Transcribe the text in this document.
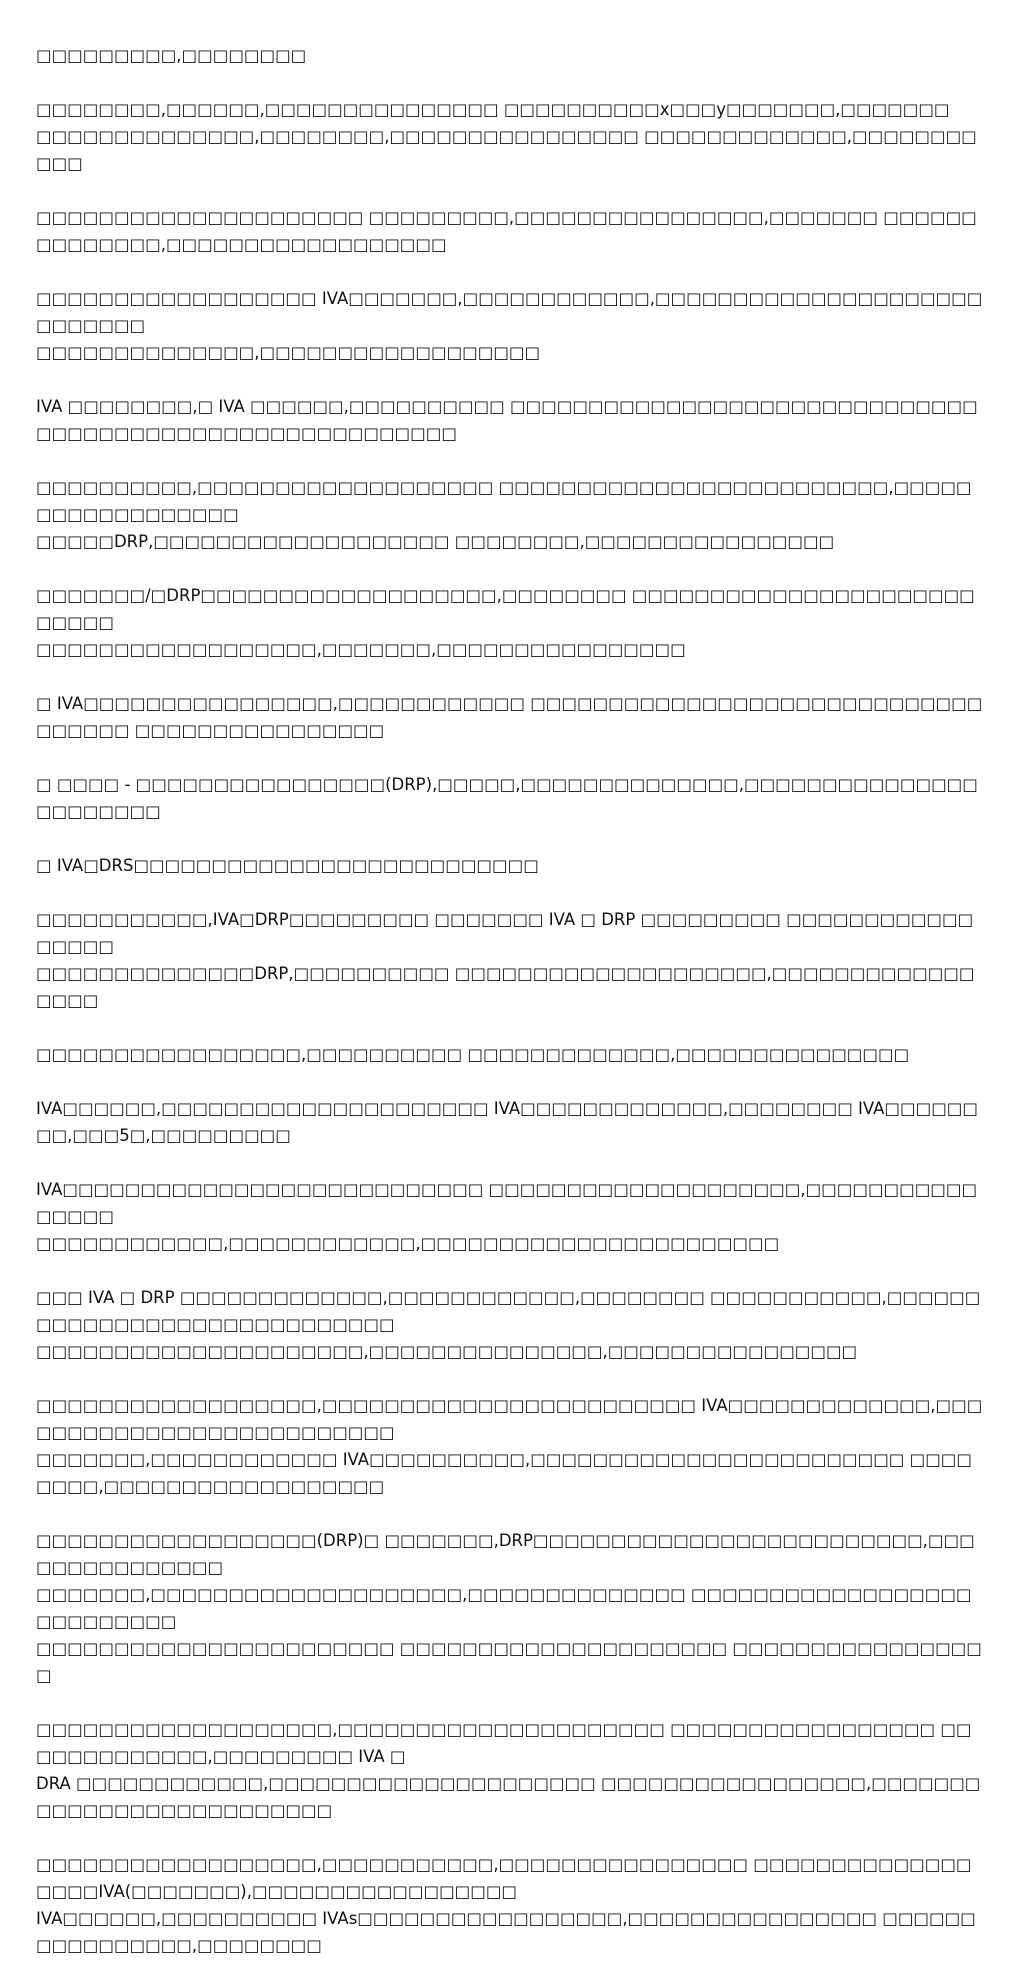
□□□□□□□□□,□□□□□□□□

□□□□□□□□,□□□□□□,□□□□□□□□□□□□□□□ □□□□□□□□□□x□□□y□□□□□□□,□□□□□□□
□□□□□□□□□□□□□□,□□□□□□□□,□□□□□□□□□□□□□□□□ □□□□□□□□□□□□□,□□□□□□□□□□□

□□□□□□□□□□□□□□□□□□□□□ □□□□□□□□□,□□□□□□□□□□□□□□□□,□□□□□□□ □□□□□□□□□□□□□□,□□□□□□□□□□□□□□□□□□

□□□□□□□□□□□□□□□□□□ IVA□□□□□□□,□□□□□□□□□□□□,□□□□□□□□□□□□□□□□□□□□□□□□□□□□
□□□□□□□□□□□□□□,□□□□□□□□□□□□□□□□□□

IVA □□□□□□□□,□ IVA □□□□□□,□□□□□□□□□□ □□□□□□□□□□□□□□□□□□□□□□□□□□□□□□ □□□□□□□□□□□□□□□□□□□□□□□□□□□

□□□□□□□□□□,□□□□□□□□□□□□□□□□□□□ □□□□□□□□□□□□□□□□□□□□□□□□□,□□□□□□□□□□□□□□□□□□
□□□□□DRP,□□□□□□□□□□□□□□□□□□□ □□□□□□□□,□□□□□□□□□□□□□□□□

□□□□□□□/□DRP□□□□□□□□□□□□□□□□□□□,□□□□□□□□ □□□□□□□□□□□□□□□□□□□□□□□□□□□
□□□□□□□□□□□□□□□□□□,□□□□□□□,□□□□□□□□□□□□□□□□

□ IVA□□□□□□□□□□□□□□□□,□□□□□□□□□□□□ □□□□□□□□□□□□□□□□□□□□□□□□□□□□□□□□□□□ □□□□□□□□□□□□□□□□

□ □□□□ - □□□□□□□□□□□□□□□□(DRP),□□□□□,□□□□□□□□□□□□□□,□□□□□□□□□□□□□□□□□□□□□□□

□ IVA□DRS□□□□□□□□□□□□□□□□□□□□□□□□□□

□□□□□□□□□□□,IVA□DRP□□□□□□□□□ □□□□□□□ IVA □ DRP □□□□□□□□□ □□□□□□□□□□□□□□□□□
□□□□□□□□□□□□□□DRP,□□□□□□□□□□ □□□□□□□□□□□□□□□□□□□□,□□□□□□□□□□□□□□□□□

□□□□□□□□□□□□□□□□□,□□□□□□□□□□ □□□□□□□□□□□□□,□□□□□□□□□□□□□□□

IVA□□□□□□,□□□□□□□□□□□□□□□□□□□□□ IVA□□□□□□□□□□□□□,□□□□□□□□ IVA□□□□□□□□,□□□5□,□□□□□□□□□

IVA□□□□□□□□□□□□□□□□□□□□□□□□□□□ □□□□□□□□□□□□□□□□□□□□,□□□□□□□□□□□□□□□□
□□□□□□□□□□□□,□□□□□□□□□□□□,□□□□□□□□□□□□□□□□□□□□□□□

□□□ IVA □ DRP □□□□□□□□□□□□□,□□□□□□□□□□□□,□□□□□□□□ □□□□□□□□□□□,□□□□□□□□□□□□□□□□□□□□□□□□□□□□□
□□□□□□□□□□□□□□□□□□□□□,□□□□□□□□□□□□□□□,□□□□□□□□□□□□□□□□

□□□□□□□□□□□□□□□□□□,□□□□□□□□□□□□□□□□□□□□□□□□ IVA□□□□□□□□□□□□□,□□□□□□□□□□□□□□□□□□□□□□□□□□
□□□□□□□,□□□□□□□□□□□□ IVA□□□□□□□□□□,□□□□□□□□□□□□□□□□□□□□□□□□ □□□□□□□□,□□□□□□□□□□□□□□□□□□

□□□□□□□□□□□□□□□□□□(DRP)□ □□□□□□□,DRP□□□□□□□□□□□□□□□□□□□□□□□□□,□□□□□□□□□□□□□□□
□□□□□□□,□□□□□□□□□□□□□□□□□□□□,□□□□□□□□□□□□□□ □□□□□□□□□□□□□□□□□□□□□□□□□□□
□□□□□□□□□□□□□□□□□□□□□□□ □□□□□□□□□□□□□□□□□□□□□ □□□□□□□□□□□□□□□□□

□□□□□□□□□□□□□□□□□□□,□□□□□□□□□□□□□□□□□□□□□ □□□□□□□□□□□□□□□□□ □□□□□□□□□□□□□,□□□□□□□□□ IVA □
DRA □□□□□□□□□□□□,□□□□□□□□□□□□□□□□□□□□□ □□□□□□□□□□□□□□□□□,□□□□□□□□□□□□□□□□□□□□□□□□□□

□□□□□□□□□□□□□□□□□□,□□□□□□□□□□□,□□□□□□□□□□□□□□□□ □□□□□□□□□□□□□□□□□□IVA(□□□□□□□),□□□□□□□□□□□□□□□□□
IVA□□□□□□,□□□□□□□□□□ IVAs□□□□□□□□□□□□□□□□□,□□□□□□□□□□□□□□□□ □□□□□□□□□□□□□□□□,□□□□□□□□
